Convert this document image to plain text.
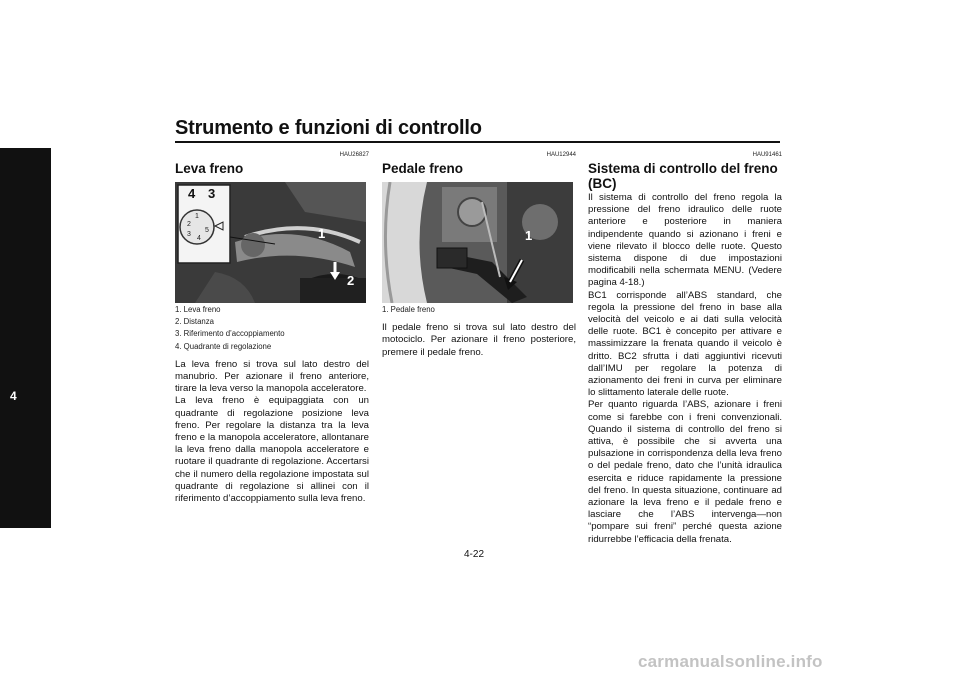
Strumento e funzioni di controllo
4
HAU26827
Leva freno
1
2
3
4
5
4 3
1
2
1. Leva freno
2. Distanza
3. Riferimento d’accoppiamento
4. Quadrante di regolazione

La leva freno si trova sul lato destro del manubrio. Per azionare il freno anteriore, tirare la leva verso la manopola acceleratore.

La leva freno è equipaggiata con un quadrante di regolazione posizione leva freno. Per regolare la distanza tra la leva freno e la manopola acceleratore, allontanare la leva freno dalla manopola acceleratore e ruotare il quadrante di regolazione. Accertarsi che il numero della regolazione impostata sul quadrante di regolazione si allinei con il riferimento d’accoppiamento sulla leva freno.

HAU12944
Pedale freno
1
1. Pedale freno

Il pedale freno si trova sul lato destro del motociclo. Per azionare il freno posteriore, premere il pedale freno.

HAU91461
Sistema di controllo del freno
(BC)

Il sistema di controllo del freno regola la pressione del freno idraulico delle ruote anteriore e posteriore in maniera indipendente quando si azionano i freni e viene rilevato il blocco delle ruote. Questo sistema dispone di due impostazioni modificabili nella schermata MENU. (Vedere pagina 4-18.)

BC1 corrisponde all’ABS standard, che regola la pressione del freno in base alla velocità del veicolo e ai dati sulla velocità delle ruote. BC1 è concepito per attivare e massimizzare la frenata quando il veicolo è dritto. BC2 sfrutta i dati aggiuntivi ricevuti dall’IMU per regolare la potenza di azionamento dei freni in curva per eliminare lo slittamento laterale delle ruote.

Per quanto riguarda l’ABS, azionare i freni come si farebbe con i freni convenzionali. Quando il sistema di controllo del freno si attiva, è possibile che si avverta una pulsazione in corrispondenza della leva freno o del pedale freno, dato che l’unità idraulica esercita e riduce rapidamente la pressione del freno. In questa situazione, continuare ad azionare la leva freno e il pedale freno e lasciare che l’ABS intervenga—non “pompare sui freni” perché questa azione ridurrebbe l’efficacia della frenata.

4-22
carmanualsonline.info
